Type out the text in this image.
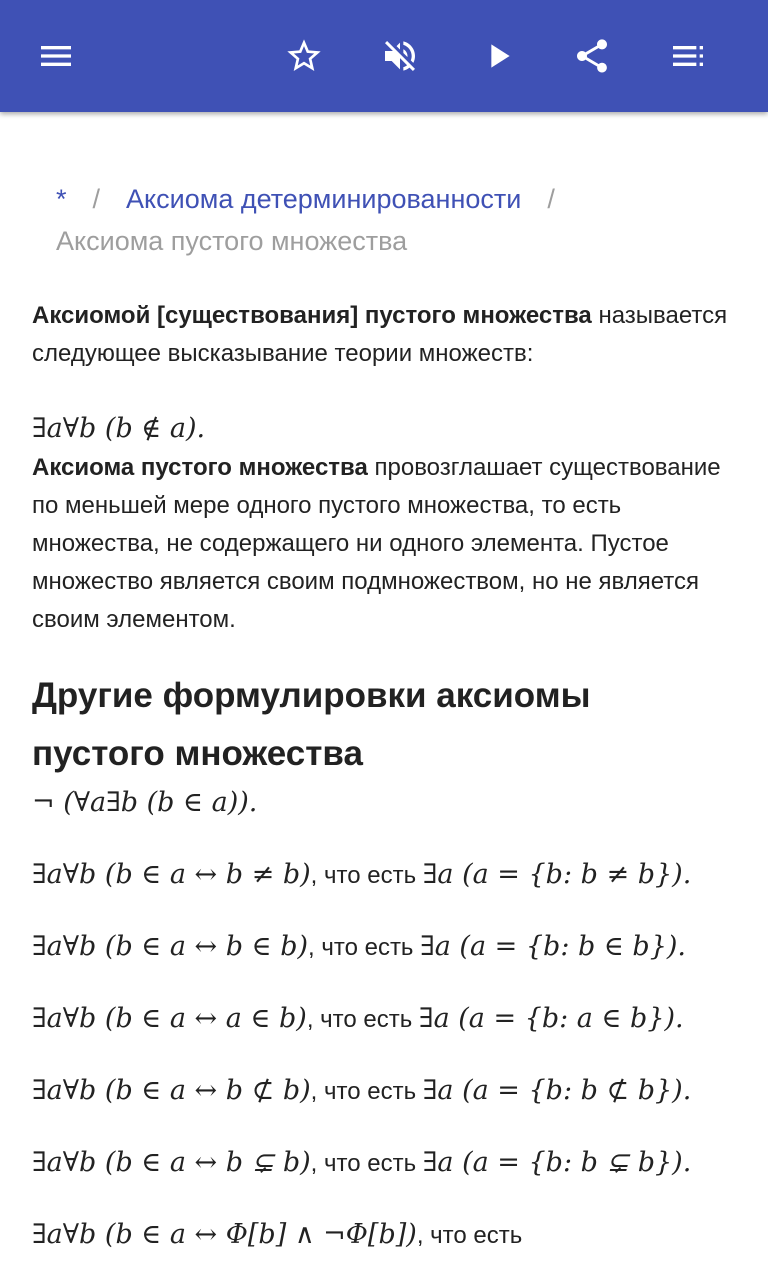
* / Аксиома детерминированности /
Аксиома пустого множества

Аксиомой [существования] пустого множества называется следующее высказывание теории множеств:

∃a∀b (b ∉ a).

Аксиома пустого множества провозглашает существование по меньшей мере одного пустого множества, то есть множества, не содержащего ни одного элемента. Пустое множество является своим подмножеством, но не является своим элементом.

Другие формулировки аксиомы пустого множества
¬ (∀a∃b (b ∈ a)).
∃a∀b (b ∈ a ↔ b ≠ b), что есть ∃a (a = {b: b ≠ b}).
∃a∀b (b ∈ a ↔ b ∈ b), что есть ∃a (a = {b: b ∈ b}).
∃a∀b (b ∈ a ↔ a ∈ b), что есть ∃a (a = {b: a ∈ b}).
∃a∀b (b ∈ a ↔ b ⊄ b), что есть ∃a (a = {b: b ⊄ b}).
∃a∀b (b ∈ a ↔ b ⊊ b), что есть ∃a (a = {b: b ⊊ b}).
∃a∀b (b ∈ a ↔ Φ[b] ∧ ¬Φ[b]), что есть
